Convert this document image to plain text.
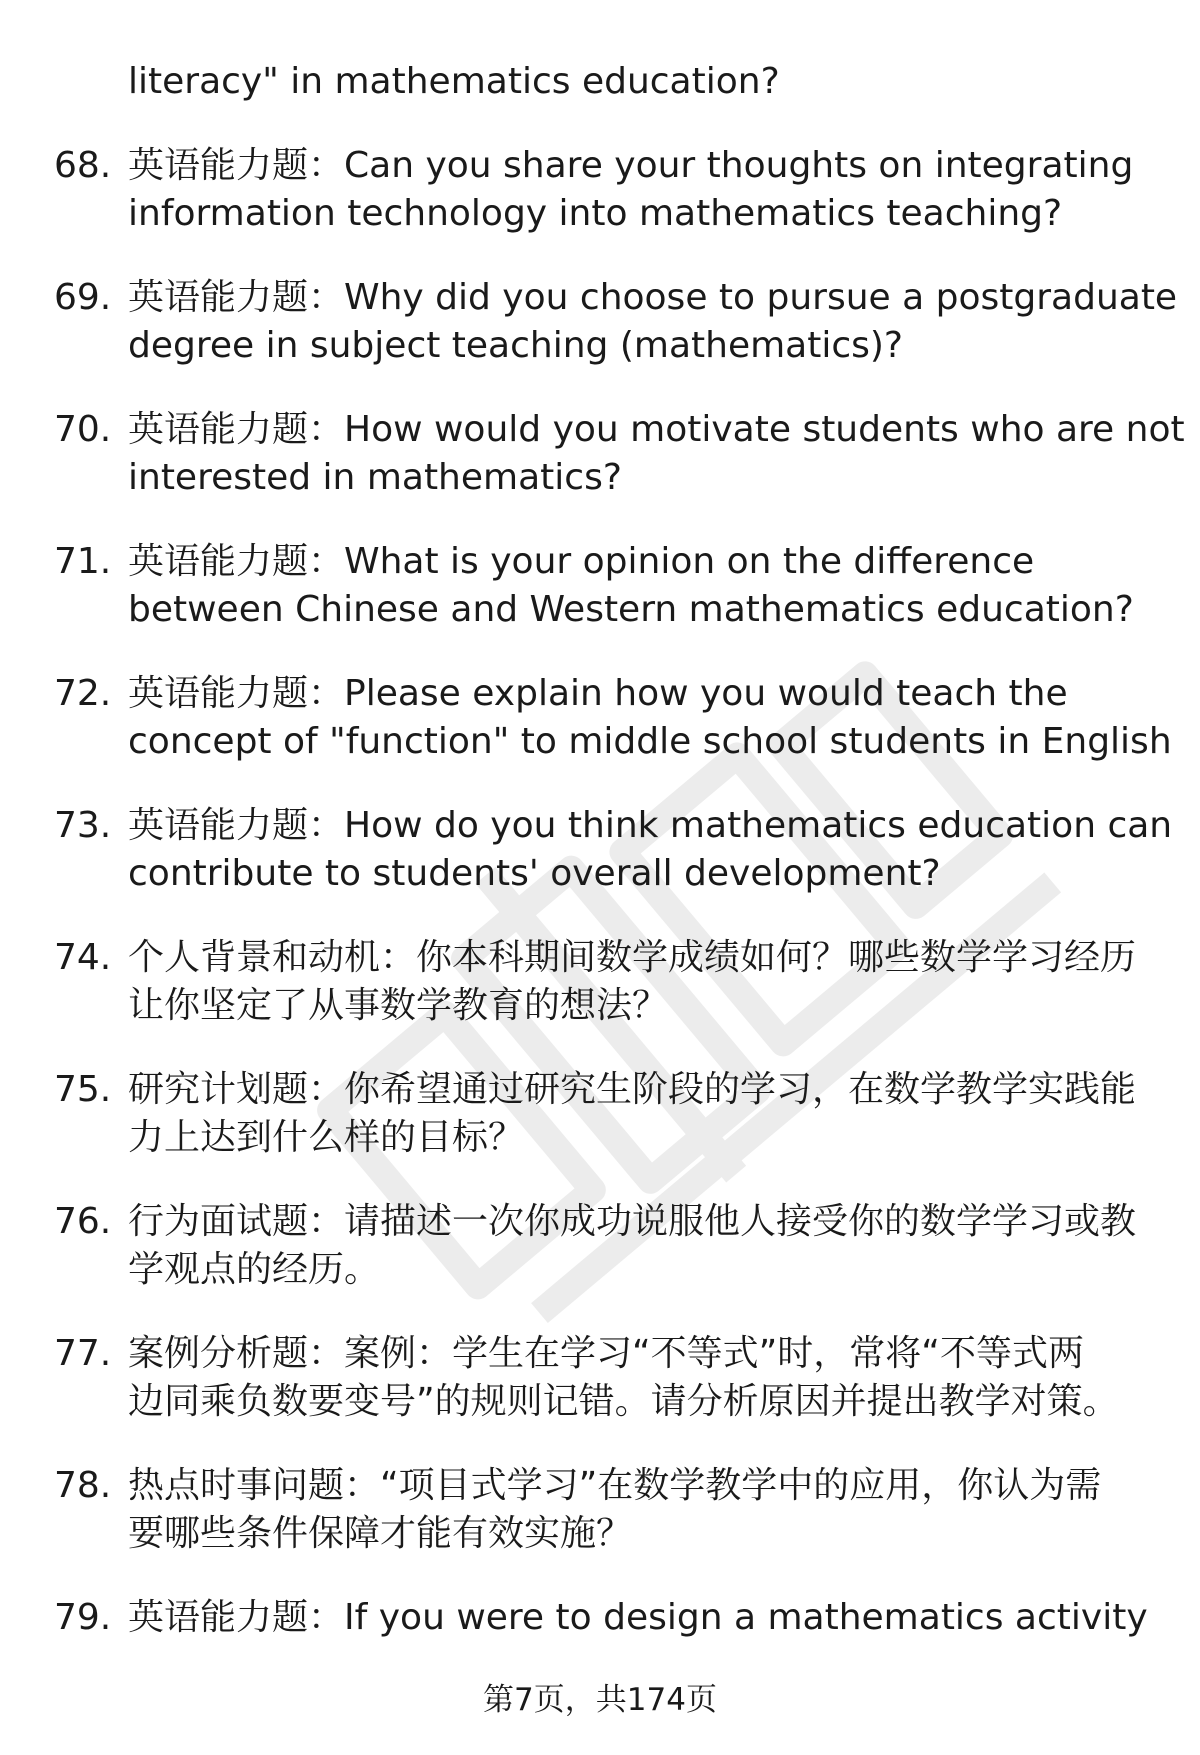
literacy" in mathematics education?
68. 英语能力题：Can you share your thoughts on integrating
information technology into mathematics teaching?
69. 英语能力题：Why did you choose to pursue a postgraduate
degree in subject teaching (mathematics)?
70. 英语能力题：How would you motivate students who are not
interested in mathematics?
71. 英语能力题：What is your opinion on the difference
between Chinese and Western mathematics education?
72. 英语能力题：Please explain how you would teach the
concept of "function" to middle school students in English
73. 英语能力题：How do you think mathematics education can
contribute to students' overall development?
74. 个人背景和动机：你本科期间数学成绩如何？哪些数学学习经历
让你坚定了从事数学教育的想法？
75. 研究计划题：你希望通过研究生阶段的学习，在数学教学实践能
力上达到什么样的目标？
76. 行为面试题：请描述一次你成功说服他人接受你的数学学习或教
学观点的经历。
77. 案例分析题：案例：学生在学习“不等式”时，常将“不等式两
边同乘负数要变号”的规则记错。请分析原因并提出教学对策。
78. 热点时事问题：“项目式学习”在数学教学中的应用，你认为需
要哪些条件保障才能有效实施？
79. 英语能力题：If you were to design a mathematics activity
第7页，共174页
